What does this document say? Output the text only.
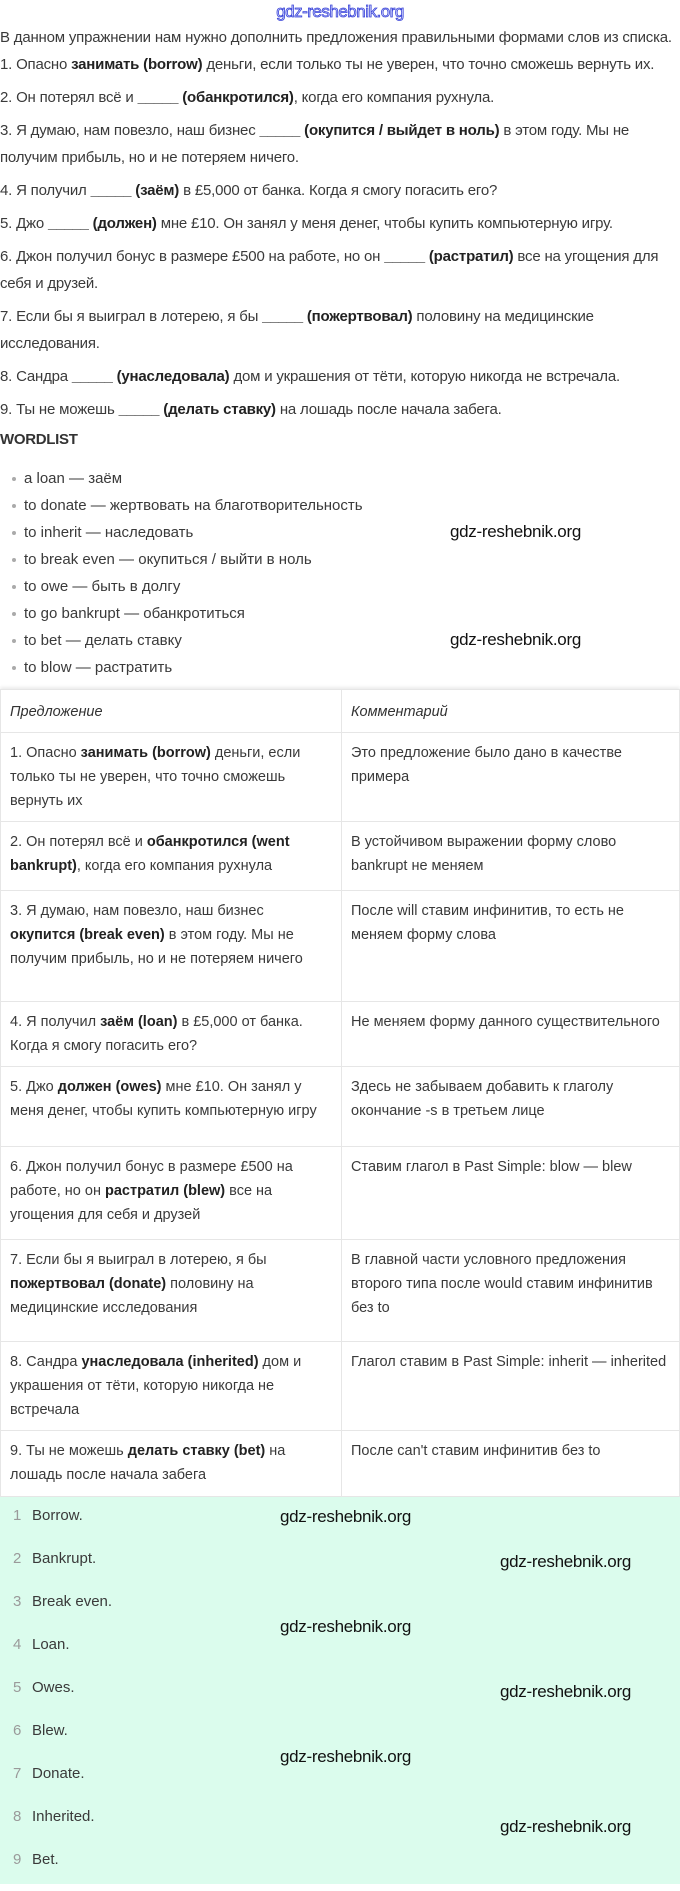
gdz-reshebnik.org

В данном упражнении нам нужно дополнить предложения правильными формами слов из списка.

1. Опасно занимать (borrow) деньги, если только ты не уверен, что точно сможешь вернуть их.

2. Он потерял всё и _____ (обанкротился), когда его компания рухнула.

3. Я думаю, нам повезло, наш бизнес _____ (окупится / выйдет в ноль) в этом году. Мы не получим прибыль, но и не потеряем ничего.

4. Я получил _____ (заём) в £5,000 от банка. Когда я смогу погасить его?

5. Джо _____ (должен) мне £10. Он занял у меня денег, чтобы купить компьютерную игру.

6. Джон получил бонус в размере £500 на работе, но он _____ (растратил) все на угощения для себя и друзей.

7. Если бы я выиграл в лотерею, я бы _____ (пожертвовал) половину на медицинские исследования.

8. Сандра _____ (унаследовала) дом и украшения от тёти, которую никогда не встречала.

9. Ты не можешь _____ (делать ставку) на лошадь после начала забега.

WORDLIST
a loan — заём
to donate — жертвовать на благотворительность
to inherit — наследовать
to break even — окупиться / выйти в ноль
to owe — быть в долгу
to go bankrupt — обанкротиться
to bet — делать ставку
to blow — растратить
gdz-reshebnik.org
gdz-reshebnik.org
Предложение	Комментарий
1. Опасно занимать (borrow) деньги, если только ты не уверен, что точно сможешь вернуть их	Это предложение было дано в качестве примера
2. Он потерял всё и обанкротился (went bankrupt), когда его компания рухнула	В устойчивом выражении форму слово bankrupt не меняем
3. Я думаю, нам повезло, наш бизнес окупится (break even) в этом году. Мы не получим прибыль, но и не потеряем ничего	После will ставим инфинитив, то есть не меняем форму слова
4. Я получил заём (loan) в £5,000 от банка. Когда я смогу погасить его?	Не меняем форму данного существительного
5. Джо должен (owes) мне £10. Он занял у меня денег, чтобы купить компьютерную игру	Здесь не забываем добавить к глаголу окончание -s в третьем лице
6. Джон получил бонус в размере £500 на работе, но он растратил (blew) все на угощения для себя и друзей	Ставим глагол в Past Simple: blow — blew
7. Если бы я выиграл в лотерею, я бы пожертвовал (donate) половину на медицинские исследования	В главной части условного предложения второго типа после would ставим инфинитив без to
8. Сандра унаследовала (inherited) дом и украшения от тёти, которую никогда не встречала	Глагол ставим в Past Simple: inherit — inherited
9. Ты не можешь делать ставку (bet) на лошадь после начала забега	После can't ставим инфинитив без to
1 Borrow.
2 Bankrupt.
3 Break even.
4 Loan.
5 Owes.
6 Blew.
7 Donate.
8 Inherited.
9 Bet.
gdz-reshebnik.org
gdz-reshebnik.org
gdz-reshebnik.org
gdz-reshebnik.org
gdz-reshebnik.org
gdz-reshebnik.org
